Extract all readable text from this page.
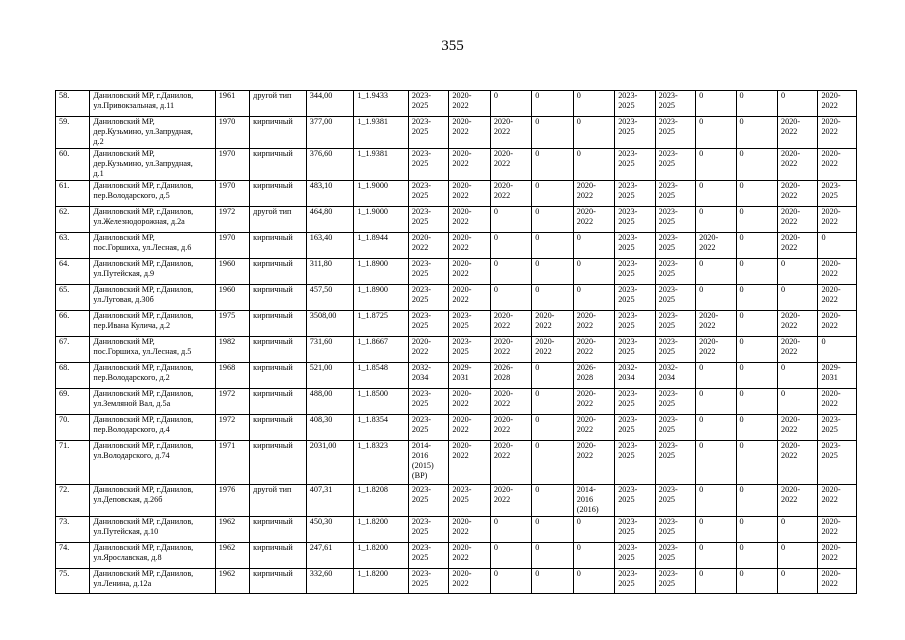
355
58.	Даниловский МР, г.Данилов,
ул.Привокзальная, д.11	1961	другой тип	344,00	1_1.9433	2023-
2025	2020-
2022	0	0	0	2023-
2025	2023-
2025	0	0	0	2020-
2022
59.	Даниловский МР,
дер.Кузьмино, ул.Запрудная,
д.2	1970	кирпичный	377,00	1_1.9381	2023-
2025	2020-
2022	2020-
2022	0	0	2023-
2025	2023-
2025	0	0	2020-
2022	2020-
2022
60.	Даниловский МР,
дер.Кузьмино, ул.Запрудная,
д.1	1970	кирпичный	376,60	1_1.9381	2023-
2025	2020-
2022	2020-
2022	0	0	2023-
2025	2023-
2025	0	0	2020-
2022	2020-
2022
61.	Даниловский МР, г.Данилов,
пер.Володарского, д.5	1970	кирпичный	483,10	1_1.9000	2023-
2025	2020-
2022	2020-
2022	0	2020-
2022	2023-
2025	2023-
2025	0	0	2020-
2022	2023-
2025
62.	Даниловский МР, г.Данилов,
ул.Железнодорожная, д.2а	1972	другой тип	464,80	1_1.9000	2023-
2025	2020-
2022	0	0	2020-
2022	2023-
2025	2023-
2025	0	0	2020-
2022	2020-
2022
63.	Даниловский МР,
пос.Горшиха, ул.Лесная, д.6	1970	кирпичный	163,40	1_1.8944	2020-
2022	2020-
2022	0	0	0	2023-
2025	2023-
2025	2020-
2022	0	2020-
2022	0
64.	Даниловский МР, г.Данилов,
ул.Путейская, д.9	1960	кирпичный	311,80	1_1.8900	2023-
2025	2020-
2022	0	0	0	2023-
2025	2023-
2025	0	0	0	2020-
2022
65.	Даниловский МР, г.Данилов,
ул.Луговая, д.30б	1960	кирпичный	457,50	1_1.8900	2023-
2025	2020-
2022	0	0	0	2023-
2025	2023-
2025	0	0	0	2020-
2022
66.	Даниловский МР, г.Данилов,
пер.Ивана Кулича, д.2	1975	кирпичный	3508,00	1_1.8725	2023-
2025	2023-
2025	2020-
2022	2020-
2022	2020-
2022	2023-
2025	2023-
2025	2020-
2022	0	2020-
2022	2020-
2022
67.	Даниловский МР,
пос.Горшиха, ул.Лесная, д.5	1982	кирпичный	731,60	1_1.8667	2020-
2022	2023-
2025	2020-
2022	2020-
2022	2020-
2022	2023-
2025	2023-
2025	2020-
2022	0	2020-
2022	0
68.	Даниловский МР, г.Данилов,
пер.Володарского, д.2	1968	кирпичный	521,00	1_1.8548	2032-
2034	2029-
2031	2026-
2028	0	2026-
2028	2032-
2034	2032-
2034	0	0	0	2029-
2031
69.	Даниловский МР, г.Данилов,
ул.Земляной Вал, д.5а	1972	кирпичный	488,00	1_1.8500	2023-
2025	2020-
2022	2020-
2022	0	2020-
2022	2023-
2025	2023-
2025	0	0	0	2020-
2022
70.	Даниловский МР, г.Данилов,
пер.Володарского, д.4	1972	кирпичный	408,30	1_1.8354	2023-
2025	2020-
2022	2020-
2022	0	2020-
2022	2023-
2025	2023-
2025	0	0	2020-
2022	2023-
2025
71.	Даниловский МР, г.Данилов,
ул.Володарского, д.74	1971	кирпичный	2031,00	1_1.8323	2014-
2016
(2015)
(ВР)	2020-
2022	2020-
2022	0	2020-
2022	2023-
2025	2023-
2025	0	0	2020-
2022	2023-
2025
72.	Даниловский МР, г.Данилов,
ул.Деповская, д.26б	1976	другой тип	407,31	1_1.8208	2023-
2025	2023-
2025	2020-
2022	0	2014-
2016
(2016)	2023-
2025	2023-
2025	0	0	2020-
2022	2020-
2022
73.	Даниловский МР, г.Данилов,
ул.Путейская, д.10	1962	кирпичный	450,30	1_1.8200	2023-
2025	2020-
2022	0	0	0	2023-
2025	2023-
2025	0	0	0	2020-
2022
74.	Даниловский МР, г.Данилов,
ул.Ярославская, д.8	1962	кирпичный	247,61	1_1.8200	2023-
2025	2020-
2022	0	0	0	2023-
2025	2023-
2025	0	0	0	2020-
2022
75.	Даниловский МР, г.Данилов,
ул.Ленина, д.12а	1962	кирпичный	332,60	1_1.8200	2023-
2025	2020-
2022	0	0	0	2023-
2025	2023-
2025	0	0	0	2020-
2022
